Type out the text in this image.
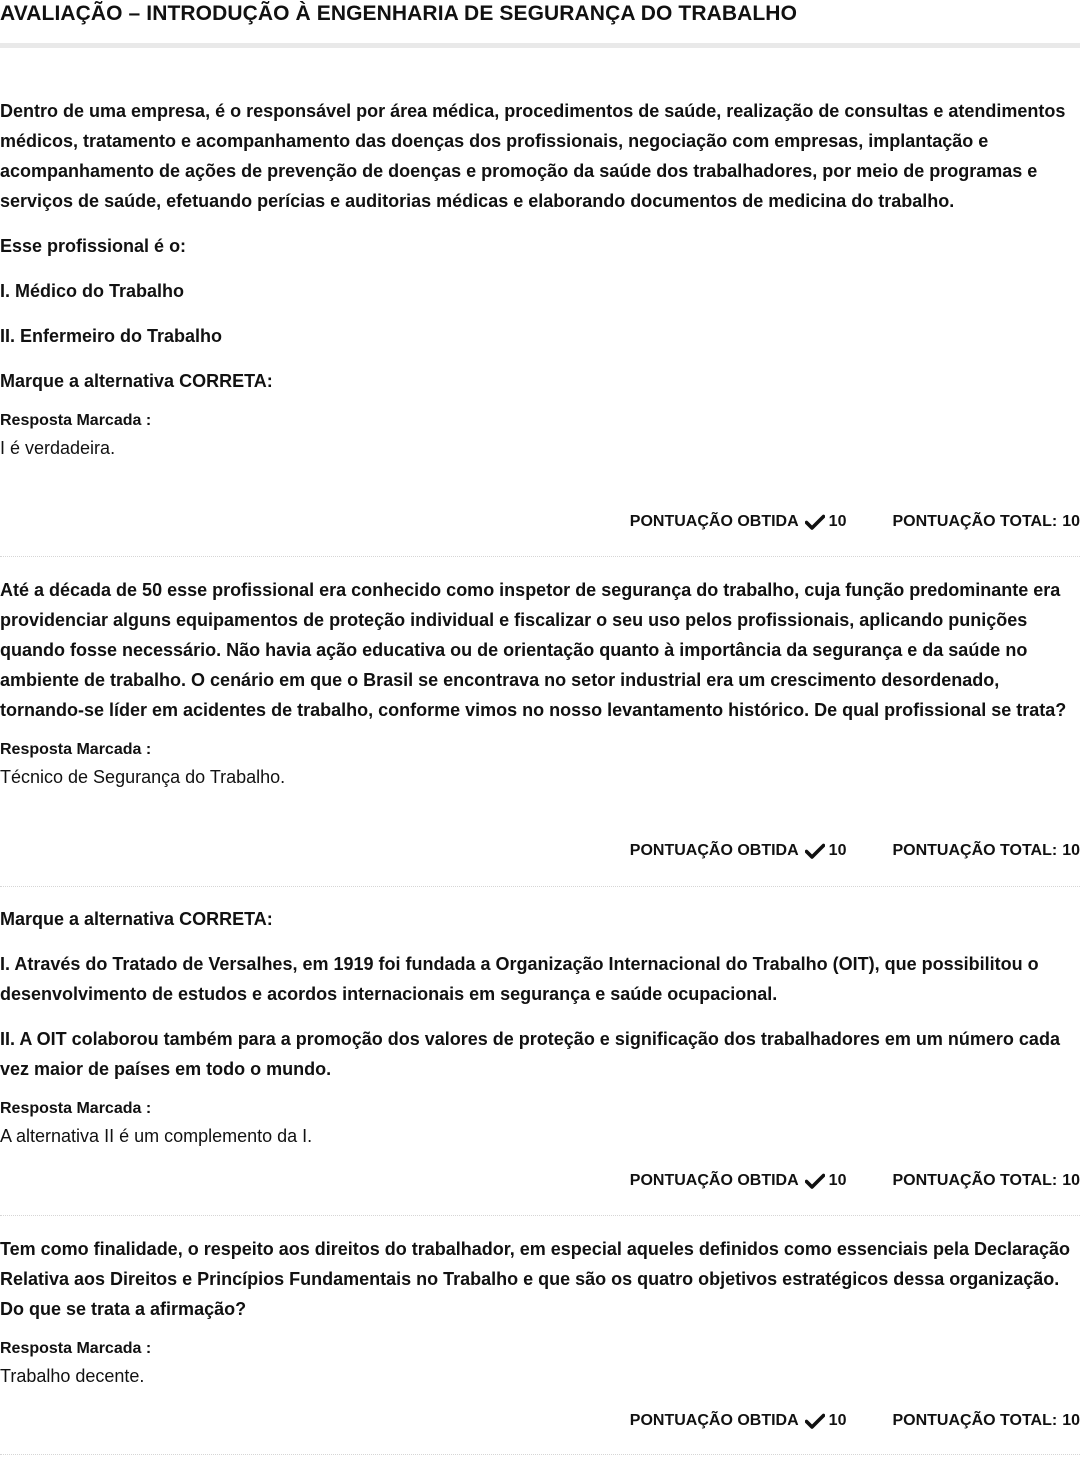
AVALIAÇÃO – INTRODUÇÃO À ENGENHARIA DE SEGURANÇA DO TRABALHO

Dentro de uma empresa, é o responsável por área médica, procedimentos de saúde, realização de consultas e atendimentos médicos, tratamento e acompanhamento das doenças dos profissionais, negociação com empresas, implantação e acompanhamento de ações de prevenção de doenças e promoção da saúde dos trabalhadores, por meio de programas e serviços de saúde, efetuando perícias e auditorias médicas e elaborando documentos de medicina do trabalho.

Esse profissional é o:

I. Médico do Trabalho

II. Enfermeiro do Trabalho

Marque a alternativa CORRETA:

Resposta Marcada :
I é verdadeira.
PONTUAÇÃO OBTIDA 10	PONTUAÇÃO TOTAL: 10

Até a década de 50 esse profissional era conhecido como inspetor de segurança do trabalho, cuja função predominante era providenciar alguns equipamentos de proteção individual e fiscalizar o seu uso pelos profissionais, aplicando punições quando fosse necessário. Não havia ação educativa ou de orientação quanto à importância da segurança e da saúde no ambiente de trabalho. O cenário em que o Brasil se encontrava no setor industrial era um crescimento desordenado, tornando-se líder em acidentes de trabalho, conforme vimos no nosso levantamento histórico. De qual profissional se trata?

Resposta Marcada :
Técnico de Segurança do Trabalho.
PONTUAÇÃO OBTIDA 10	PONTUAÇÃO TOTAL: 10

Marque a alternativa CORRETA:

I. Através do Tratado de Versalhes, em 1919 foi fundada a Organização Internacional do Trabalho (OIT), que possibilitou o desenvolvimento de estudos e acordos internacionais em segurança e saúde ocupacional.

II. A OIT colaborou também para a promoção dos valores de proteção e significação dos trabalhadores em um número cada vez maior de países em todo o mundo.

Resposta Marcada :
A alternativa II é um complemento da I.
PONTUAÇÃO OBTIDA 10	PONTUAÇÃO TOTAL: 10

Tem como finalidade, o respeito aos direitos do trabalhador, em especial aqueles definidos como essenciais pela Declaração Relativa aos Direitos e Princípios Fundamentais no Trabalho e que são os quatro objetivos estratégicos dessa organização. Do que se trata a afirmação?

Resposta Marcada :
Trabalho decente.
PONTUAÇÃO OBTIDA 10	PONTUAÇÃO TOTAL: 10
